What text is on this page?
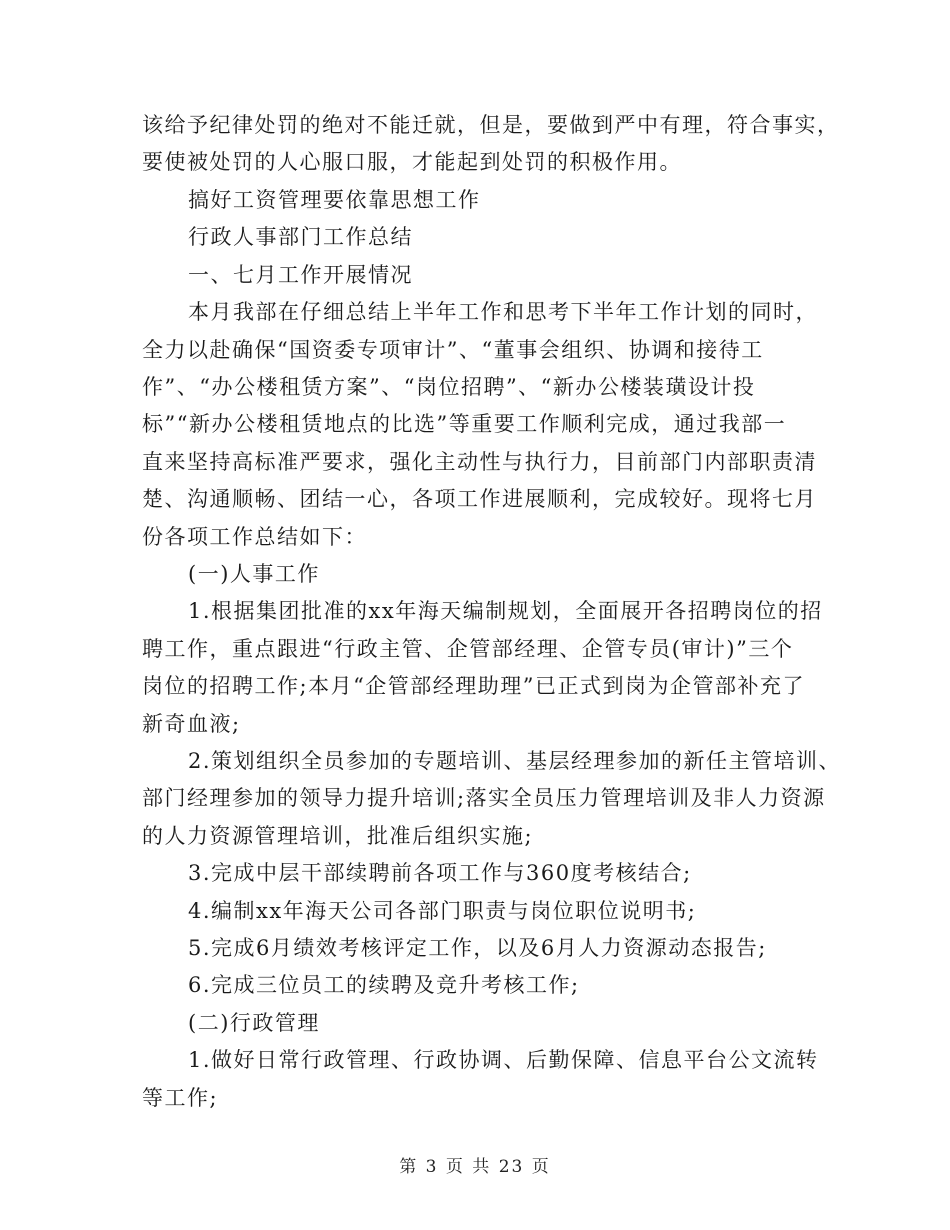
该给予纪律处罚的绝对不能迁就，但是，要做到严中有理，符合事实，
要使被处罚的人心服口服，才能起到处罚的积极作用。
搞好工资管理要依靠思想工作
行政人事部门工作总结
一、七月工作开展情况
本月我部在仔细总结上半年工作和思考下半年工作计划的同时，
全力以赴确保“国资委专项审计”、“董事会组织、协调和接待工
作”、“办公楼租赁方案”、“岗位招聘”、“新办公楼装璜设计投
标”“新办公楼租赁地点的比选”等重要工作顺利完成，通过我部一
直来坚持高标准严要求，强化主动性与执行力，目前部门内部职责清
楚、沟通顺畅、团结一心，各项工作进展顺利，完成较好。现将七月
份各项工作总结如下：
(一)人事工作
1.根据集团批准的xx年海天编制规划，全面展开各招聘岗位的招
聘工作，重点跟进“行政主管、企管部经理、企管专员(审计)”三个
岗位的招聘工作;本月“企管部经理助理”已正式到岗为企管部补充了
新奇血液;
2.策划组织全员参加的专题培训、基层经理参加的新任主管培训、
部门经理参加的领导力提升培训;落实全员压力管理培训及非人力资源
的人力资源管理培训，批准后组织实施;
3.完成中层干部续聘前各项工作与360度考核结合;
4.编制xx年海天公司各部门职责与岗位职位说明书;
5.完成6月绩效考核评定工作，以及6月人力资源动态报告;
6.完成三位员工的续聘及竞升考核工作;
(二)行政管理
1.做好日常行政管理、行政协调、后勤保障、信息平台公文流转
等工作;
第 3 页 共 23 页
